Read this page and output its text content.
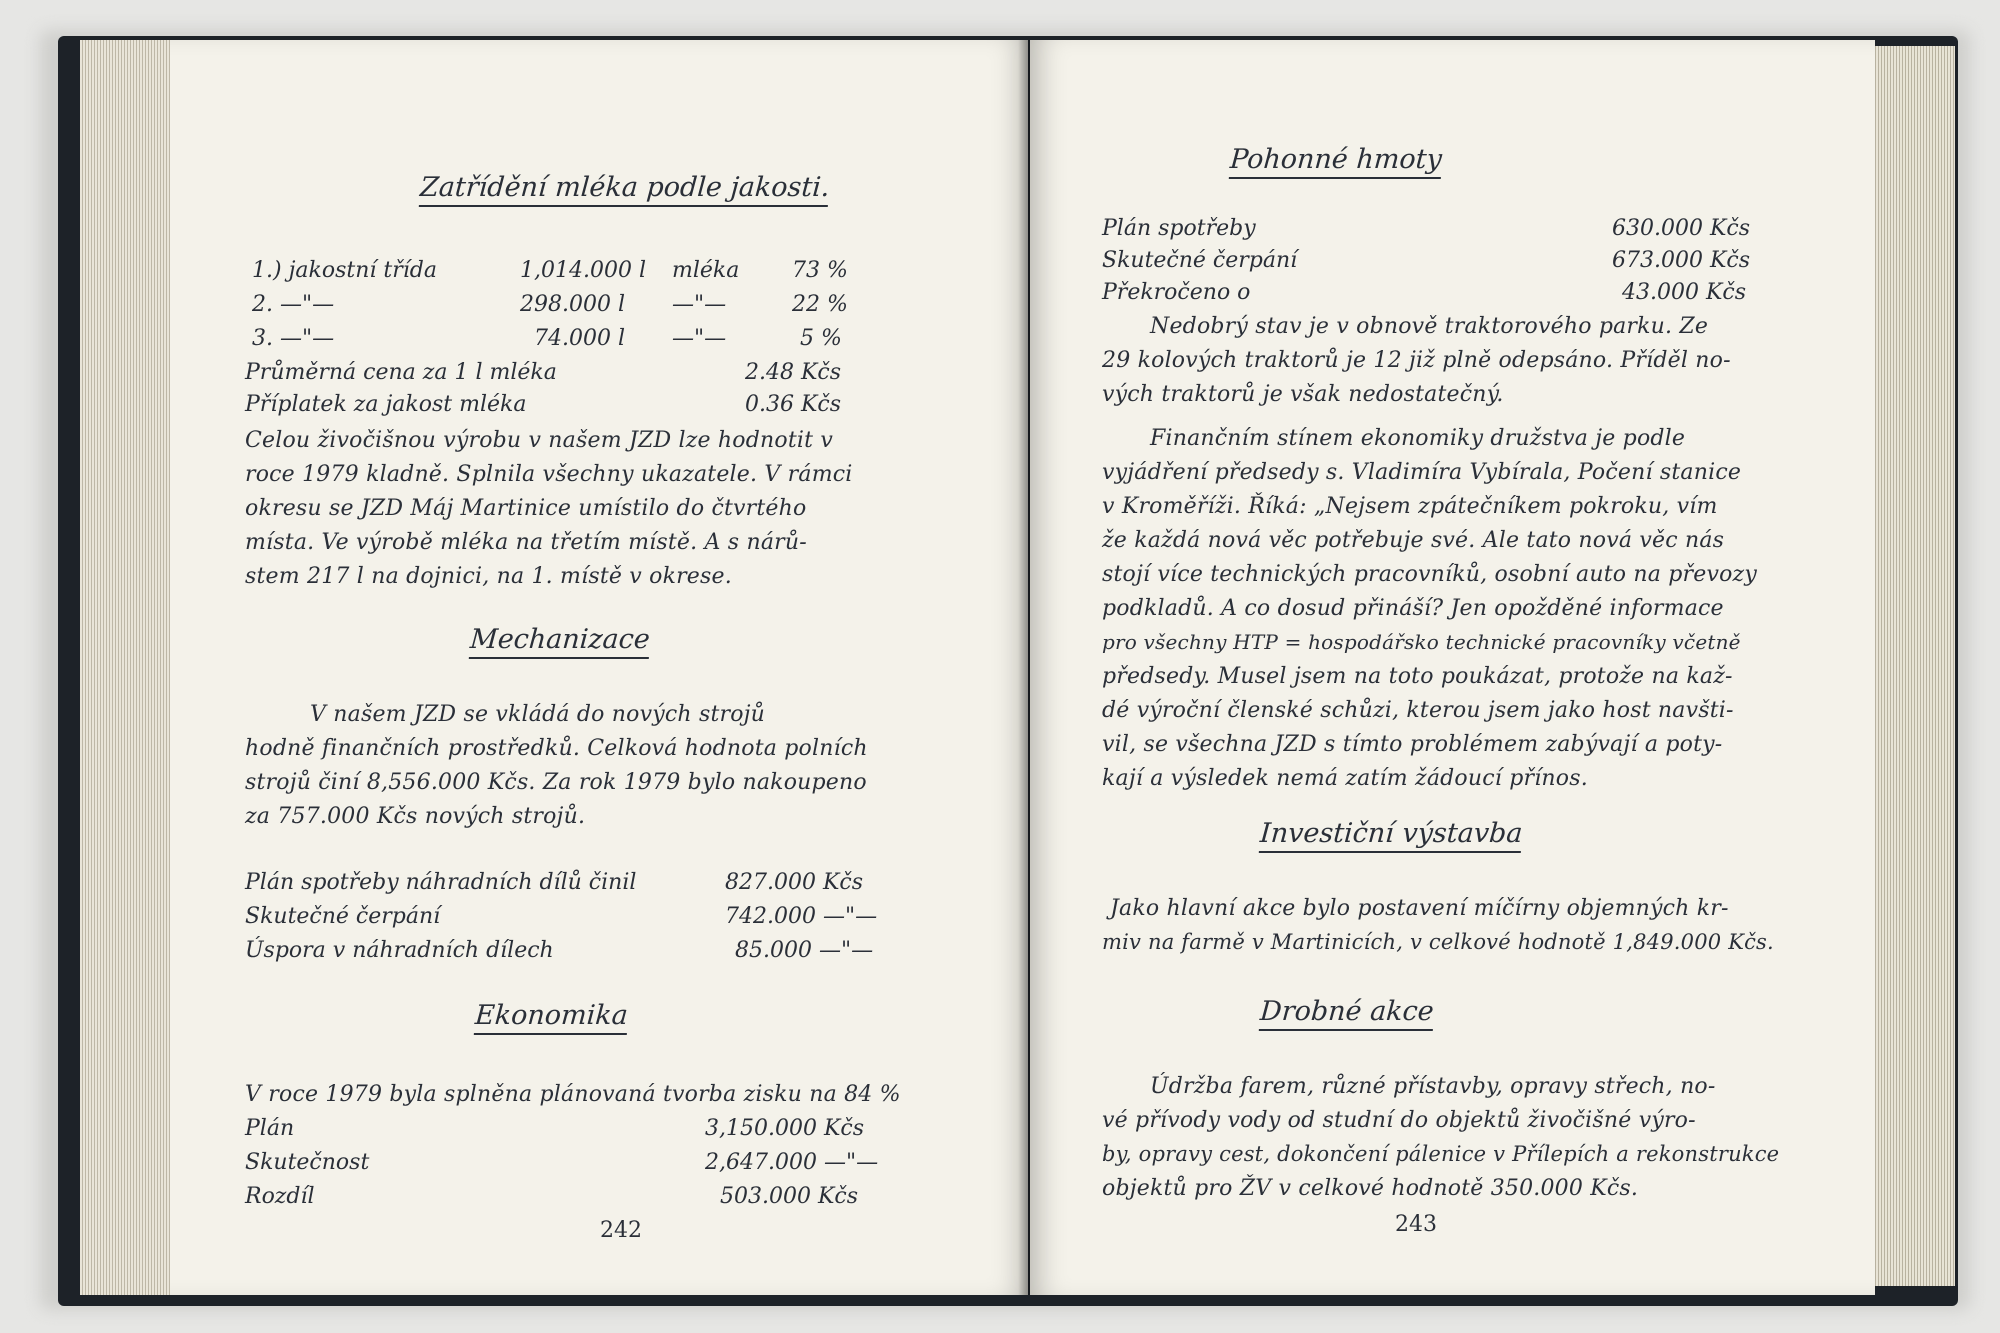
Zatřídění mléka podle jakosti.
1.) jakostní třída	1,014.000 l mléka 73 %
2. —"—	298.000 l —"—	22 %
3. —"—	74.000 l —"—	5 %
Průměrná cena za 1 l mléka	2.48 Kčs
Příplatek za jakost mléka	0.36 Kčs
Celou živočišnou výrobu v našem JZD lze hodnotit v
roce 1979 kladně. Splnila všechny ukazatele. V rámci
okresu se JZD Máj Martinice umístilo do čtvrtého
místa. Ve výrobě mléka na třetím místě. A s nárů-
stem 217 l na dojnici, na 1. místě v okrese.
Mechanizace
V našem JZD se vkládá do nových strojů
hodně finančních prostředků. Celková hodnota polních
strojů činí 8,556.000 Kčs. Za rok 1979 bylo nakoupeno
za 757.000 Kčs nových strojů.
Plán spotřeby náhradních dílů činil	827.000 Kčs
Skutečné čerpání	742.000 —"—
Úspora v náhradních dílech	85.000 —"—
Ekonomika
V roce 1979 byla splněna plánovaná tvorba zisku na 84 %
Plán	3,150.000 Kčs
Skutečnost	2,647.000 —"—
Rozdíl	503.000 Kčs
242
Pohonné hmoty
Plán spotřeby	630.000 Kčs
Skutečné čerpání	673.000 Kčs
Překročeno o	43.000 Kčs
Nedobrý stav je v obnově traktorového parku. Ze
29 kolových traktorů je 12 již plně odepsáno. Příděl no-
vých traktorů je však nedostatečný.
Finančním stínem ekonomiky družstva je podle
vyjádření předsedy s. Vladimíra Vybírala, Počení stanice
v Kroměříži. Říká: „Nejsem zpátečníkem pokroku, vím
že každá nová věc potřebuje své. Ale tato nová věc nás
stojí více technických pracovníků, osobní auto na převozy
podkladů. A co dosud přináší? Jen opožděné informace
pro všechny HTP = hospodářsko technické pracovníky včetně
předsedy. Musel jsem na toto poukázat, protože na kaž-
dé výroční členské schůzi, kterou jsem jako host navšti-
vil, se všechna JZD s tímto problémem zabývají a poty-
kají a výsledek nemá zatím žádoucí přínos.
Investiční výstavba
Jako hlavní akce bylo postavení míčírny objemných kr-
miv na farmě v Martinicích, v celkové hodnotě 1,849.000 Kčs.
Drobné akce
Údržba farem, různé přístavby, opravy střech, no-
vé přívody vody od studní do objektů živočišné výro-
by, opravy cest, dokončení pálenice v Přílepích a rekonstrukce
objektů pro ŽV v celkové hodnotě 350.000 Kčs.
243
